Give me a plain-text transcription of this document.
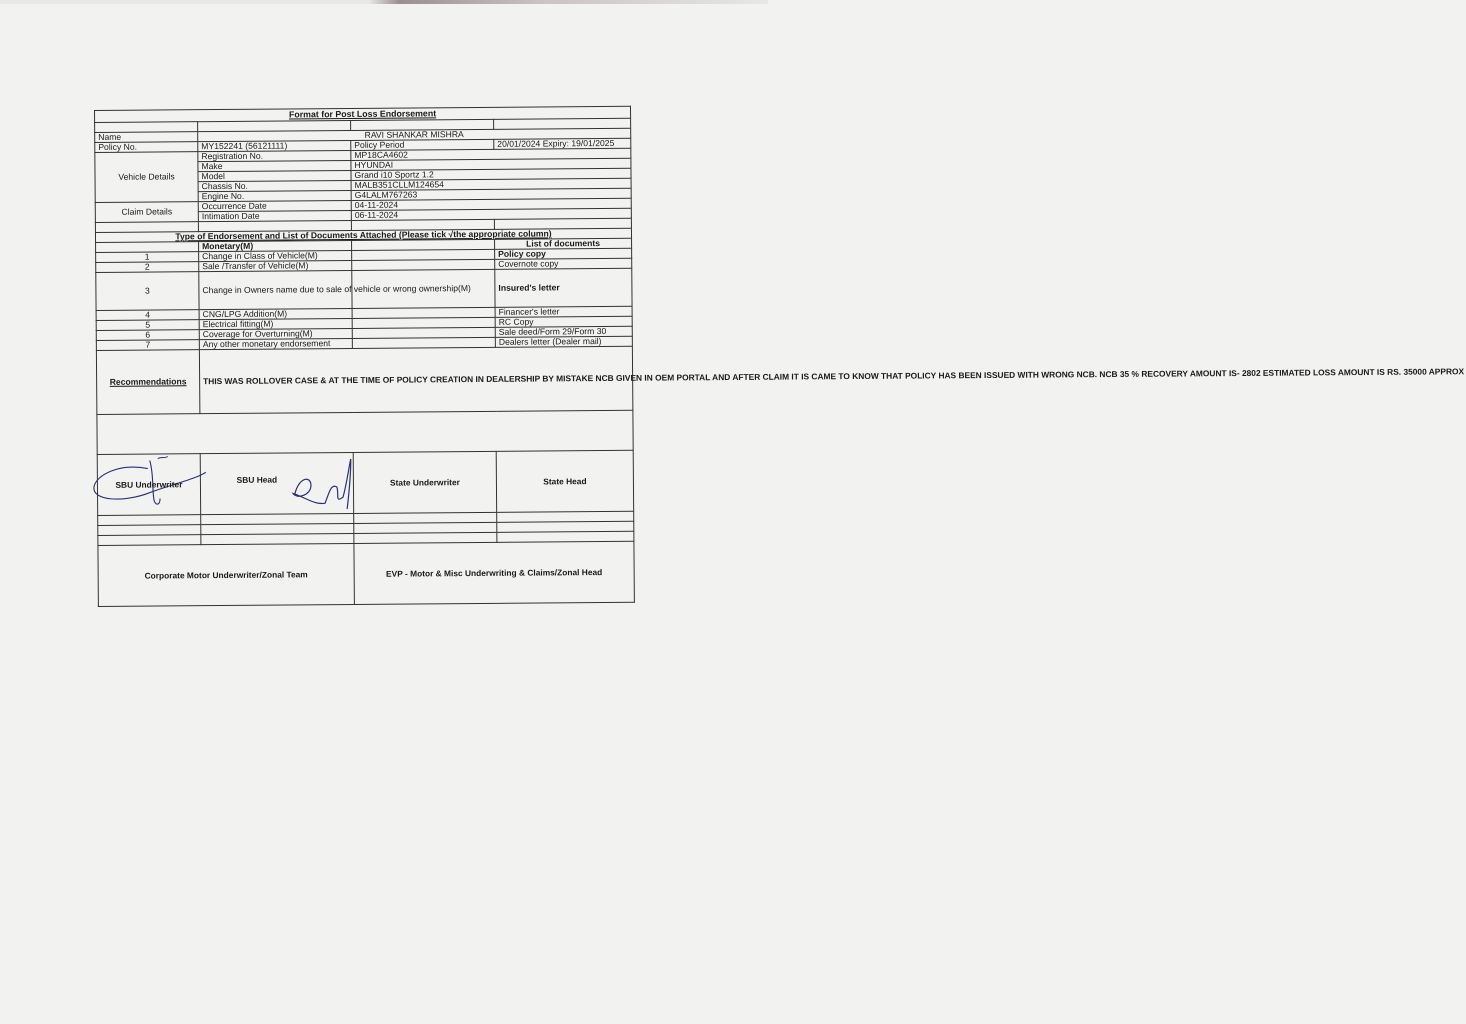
Format for Post Loss Endorsement			

Name	RAVI SHANKAR MISHRA		
Policy No.	MY152241 (56121111)	Policy Period	20/01/2024 Expiry: 19/01/2025
Vehicle Details	Registration No.	MP18CA4602	
	Make	HYUNDAI	
	Model	Grand i10 Sportz 1.2	
	Chassis No.	MALB351CLLM124654	
	Engine No.	G4LALM767263	
Claim Details	Occurrence Date	04-11-2024	
	Intimation Date	06-11-2024	

Type of Endorsement and List of Documents Attached (Please tick √the appropriate column)			
	Monetary(M)		List of documents
1	Change in Class of Vehicle(M)		Policy copy
2	Sale /Transfer of Vehicle(M)		Covernote copy
3	Change in Owners name due to sale of vehicle or wrong ownership(M)		Insured's letter
4	CNG/LPG Addition(M)		Financer's letter
5	Electrical fitting(M)		RC Copy
6	Coverage for Overturning(M)		Sale deed/Form 29/Form 30
7	Any other monetary endorsement		Dealers letter (Dealer mail)
Recommendations	THIS WAS ROLLOVER CASE & AT THE TIME OF POLICY CREATION IN DEALERSHIP BY MISTAKE NCB GIVEN IN OEM PORTAL AND AFTER CLAIM IT IS CAME TO KNOW THAT POLICY HAS BEEN ISSUED WITH WRONG NCB. NCB 35 % RECOVERY AMOUNT IS- 2802 ESTIMATED LOSS AMOUNT IS RS. 35000 APPROX		

SBU Underwriter	SBU Head	State Underwriter	State Head

Corporate Motor Underwriter/Zonal Team		EVP - Motor & Misc Underwriting & Claims/Zonal Head	
